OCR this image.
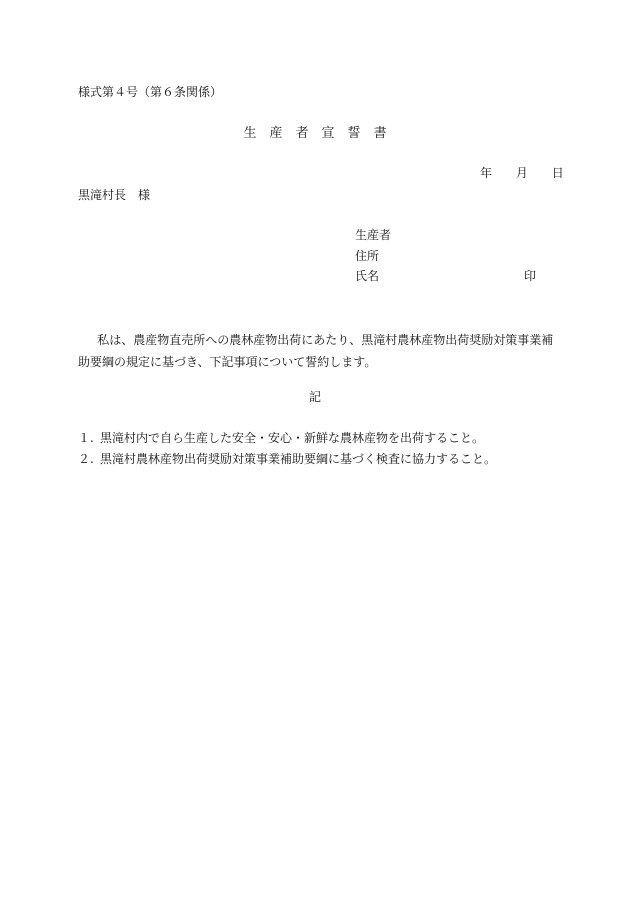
様式第４号（第６条関係）
生 産 者 宣 誓 書
年 月 日
黒滝村長　様
生産者
住所
氏名	印
私は、農産物直売所への農林産物出荷にあたり、黒滝村農林産物出荷奨励対策事業補助要綱の規定に基づき、下記事項について誓約します。
記
１. 黒滝村内で自ら生産した安全・安心・新鮮な農林産物を出荷すること。
２. 黒滝村農林産物出荷奨励対策事業補助要綱に基づく検査に協力すること。
